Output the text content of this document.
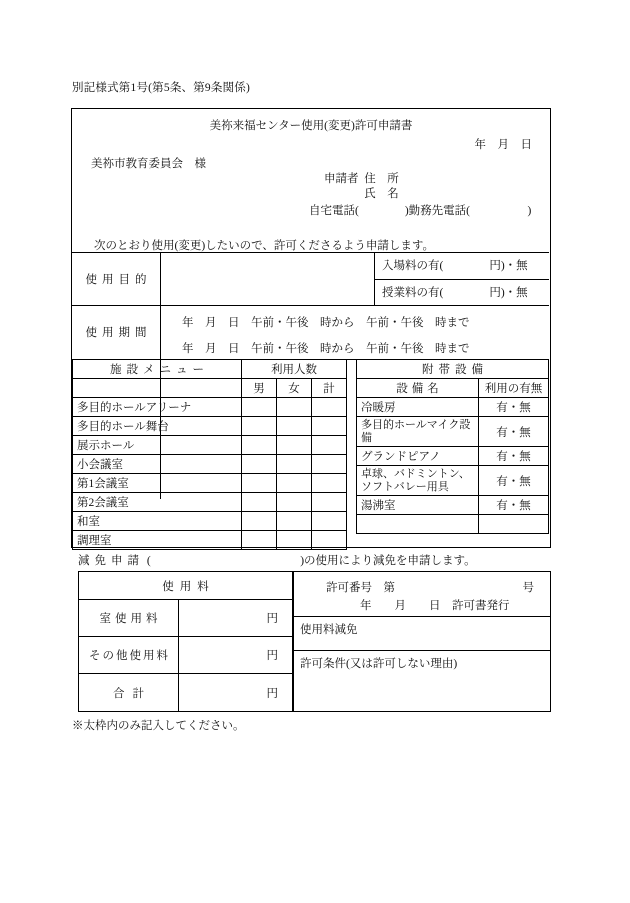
別記様式第1号(第5条、第9条関係)
美祢来福センター使用(変更)許可申請書
年　月　日
美祢市教育委員会　様
申請者 住　所
氏　名
自宅電話(　　　　)勤務先電話(　　　　　)
次のとおり使用(変更)したいので、許可くださるよう申請します。
使用目的
入場料の有(　　　　円)・無
授業料の有(　　　　円)・無
使用期間
年　月　日　午前・午後　時から　午前・午後　時まで
年　月　日　午前・午後　時から　午前・午後　時まで
施設メニュー	利用人数		
	男	女	計
多目的ホールアリーナ			
多目的ホール舞台			
展示ホール			
小会議室			
第1会議室			
第2会議室			
和室			
調理室			
附帯設備	
設備名	利用の有無
冷暖房	有・無
多目的ホールマイク設備	有・無
グランドピアノ	有・無
卓球、バドミントン、ソフトバレー用具	有・無
湯沸室	有・無

減免申請 (　　　　　　　　　　　　　)の使用により減免を申請します。
使用料
室使用料	円
その他使用料	円
合計	円
許可番号　第	号
年　　月　　日　許可書発行
使用料減免
許可条件(又は許可しない理由)
※太枠内のみ記入してください。
